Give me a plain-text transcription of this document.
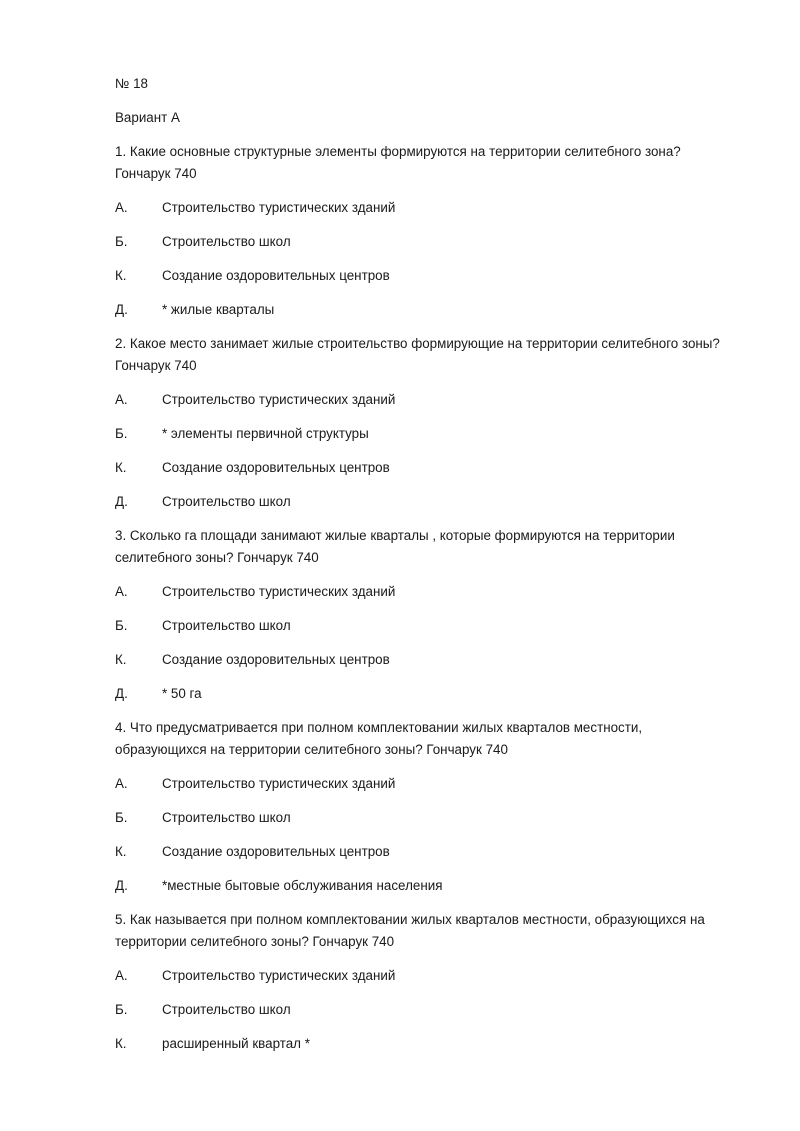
№ 18

Вариант А

1. Какие основные структурные элементы формируются на территории селитебного зона? Гончарук 740

А.	Строительство туристических зданий
Б.	Строительство школ
К.	Создание оздоровительных центров
Д.	* жилые кварталы

2. Какое место занимает жилые строительство формирующие на территории селитебного зоны? Гончарук 740

А.	Строительство туристических зданий
Б.	* элементы первичной структуры
К.	Создание оздоровительных центров
Д.	Строительство школ

3. Сколько га площади занимают жилые кварталы , которые формируются на территории селитебного зоны? Гончарук 740

А.	Строительство туристических зданий
Б.	Строительство школ
К.	Создание оздоровительных центров
Д.	* 50 га

4. Что предусматривается при полном комплектовании жилых кварталов местности, образующихся на территории селитебного зоны? Гончарук 740

А.	Строительство туристических зданий
Б.	Строительство школ
К.	Создание оздоровительных центров
Д.	*местные бытовые обслуживания населения

5. Как называется при полном комплектовании жилых кварталов местности, образующихся на территории селитебного зоны? Гончарук 740

А.	Строительство туристических зданий
Б.	Строительство школ
К.	расширенный квартал *
